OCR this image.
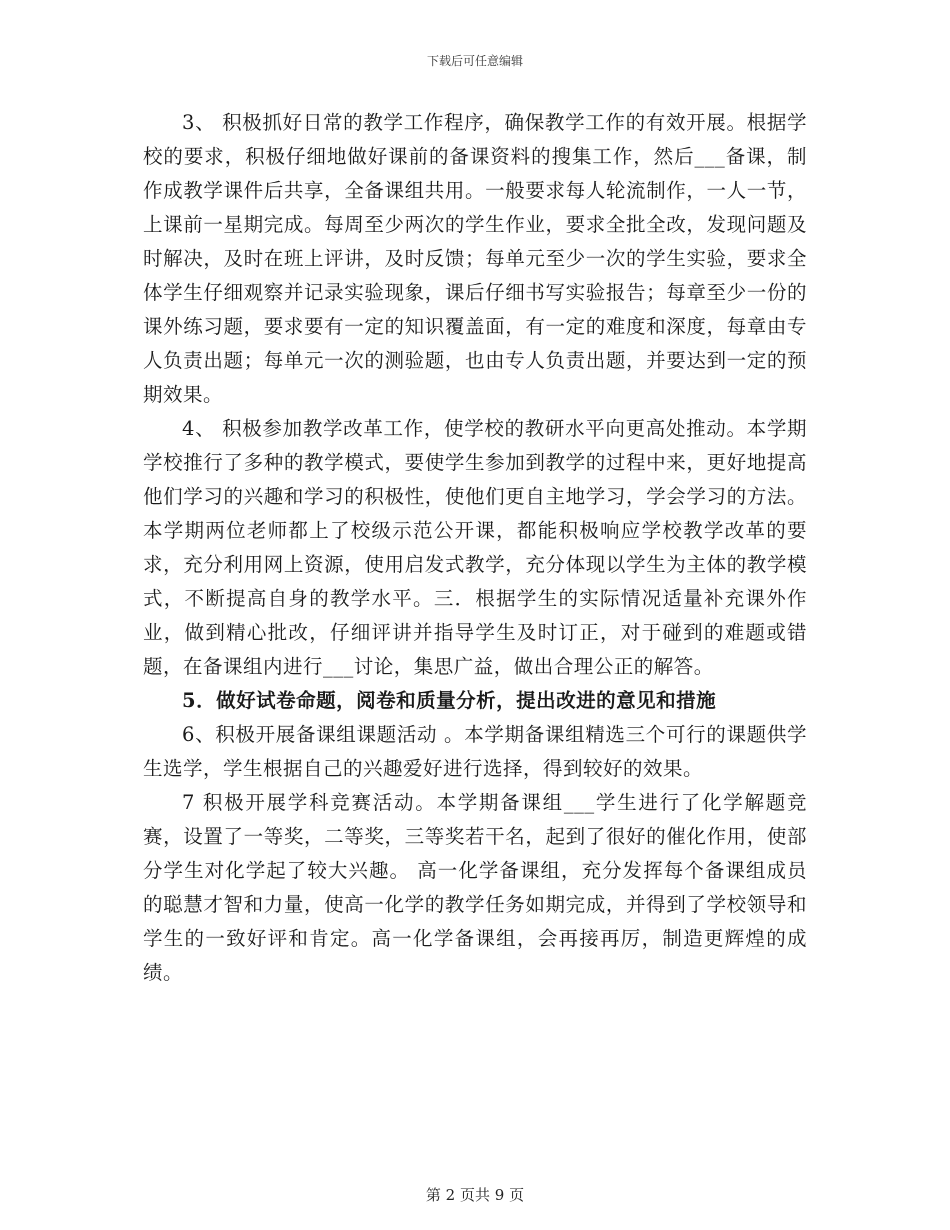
下载后可任意编辑

3、 积极抓好日常的教学工作程序，确保教学工作的有效开展。根据学校的要求，积极仔细地做好课前的备课资料的搜集工作，然后___备课，制作成教学课件后共享，全备课组共用。一般要求每人轮流制作，一人一节，上课前一星期完成。每周至少两次的学生作业，要求全批全改，发现问题及时解决，及时在班上评讲，及时反馈；每单元至少一次的学生实验，要求全体学生仔细观察并记录实验现象，课后仔细书写实验报告；每章至少一份的课外练习题，要求要有一定的知识覆盖面，有一定的难度和深度，每章由专人负责出题；每单元一次的测验题，也由专人负责出题，并要达到一定的预期效果。

4、 积极参加教学改革工作，使学校的教研水平向更高处推动。本学期学校推行了多种的教学模式，要使学生参加到教学的过程中来，更好地提高他们学习的兴趣和学习的积极性，使他们更自主地学习，学会学习的方法。本学期两位老师都上了校级示范公开课，都能积极响应学校教学改革的要求，充分利用网上资源，使用启发式教学，充分体现以学生为主体的教学模式，不断提高自身的教学水平。三．根据学生的实际情况适量补充课外作业，做到精心批改，仔细评讲并指导学生及时订正，对于碰到的难题或错题，在备课组内进行___讨论，集思广益，做出合理公正的解答。

5．做好试卷命题，阅卷和质量分析，提出改进的意见和措施

6、积极开展备课组课题活动 。本学期备课组精选三个可行的课题供学生选学，学生根据自己的兴趣爱好进行选择，得到较好的效果。

7 积极开展学科竞赛活动。本学期备课组___学生进行了化学解题竞赛，设置了一等奖，二等奖，三等奖若干名，起到了很好的催化作用，使部分学生对化学起了较大兴趣。 高一化学备课组，充分发挥每个备课组成员的聪慧才智和力量，使高一化学的教学任务如期完成，并得到了学校领导和学生的一致好评和肯定。高一化学备课组，会再接再厉，制造更辉煌的成绩。

第 2 页共 9 页
